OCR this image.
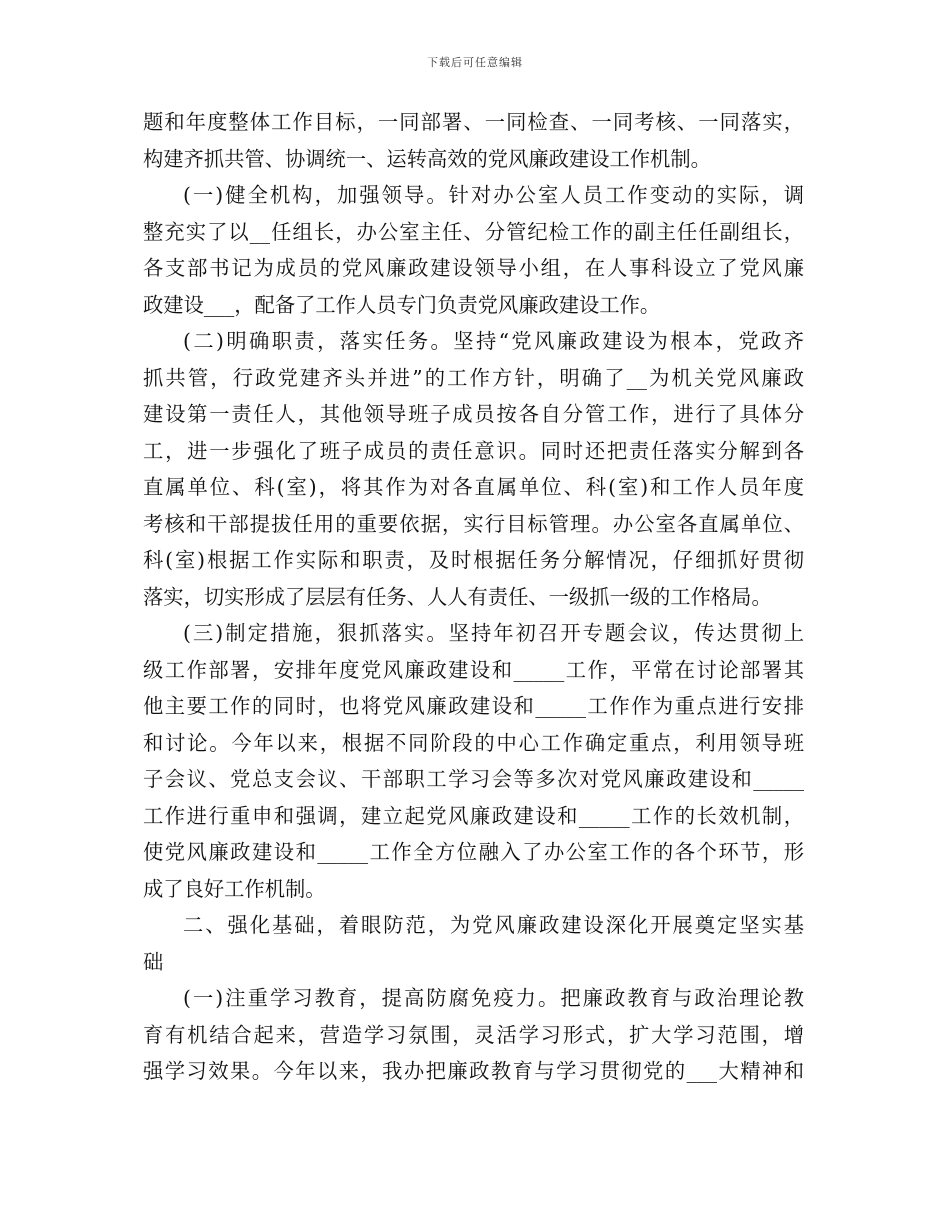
下载后可任意编辑
题和年度整体工作目标，一同部署、一同检查、一同考核、一同落实，
构建齐抓共管、协调统一、运转高效的党风廉政建设工作机制。
(一)健全机构，加强领导。针对办公室人员工作变动的实际，调
整充实了以__任组长，办公室主任、分管纪检工作的副主任任副组长，
各支部书记为成员的党风廉政建设领导小组，在人事科设立了党风廉
政建设___，配备了工作人员专门负责党风廉政建设工作。
(二)明确职责，落实任务。坚持“党风廉政建设为根本，党政齐
抓共管，行政党建齐头并进”的工作方针，明确了__为机关党风廉政
建设第一责任人，其他领导班子成员按各自分管工作，进行了具体分
工，进一步强化了班子成员的责任意识。同时还把责任落实分解到各
直属单位、科(室)，将其作为对各直属单位、科(室)和工作人员年度
考核和干部提拔任用的重要依据，实行目标管理。办公室各直属单位、
科(室)根据工作实际和职责，及时根据任务分解情况，仔细抓好贯彻
落实，切实形成了层层有任务、人人有责任、一级抓一级的工作格局。
(三)制定措施，狠抓落实。坚持年初召开专题会议，传达贯彻上
级工作部署，安排年度党风廉政建设和_____工作，平常在讨论部署其
他主要工作的同时，也将党风廉政建设和_____工作作为重点进行安排
和讨论。今年以来，根据不同阶段的中心工作确定重点，利用领导班
子会议、党总支会议、干部职工学习会等多次对党风廉政建设和_____
工作进行重申和强调，建立起党风廉政建设和_____工作的长效机制，
使党风廉政建设和_____工作全方位融入了办公室工作的各个环节，形
成了良好工作机制。
二、强化基础，着眼防范，为党风廉政建设深化开展奠定坚实基
础
(一)注重学习教育，提高防腐免疫力。把廉政教育与政治理论教
育有机结合起来，营造学习氛围，灵活学习形式，扩大学习范围，增
强学习效果。今年以来，我办把廉政教育与学习贯彻党的___大精神和
